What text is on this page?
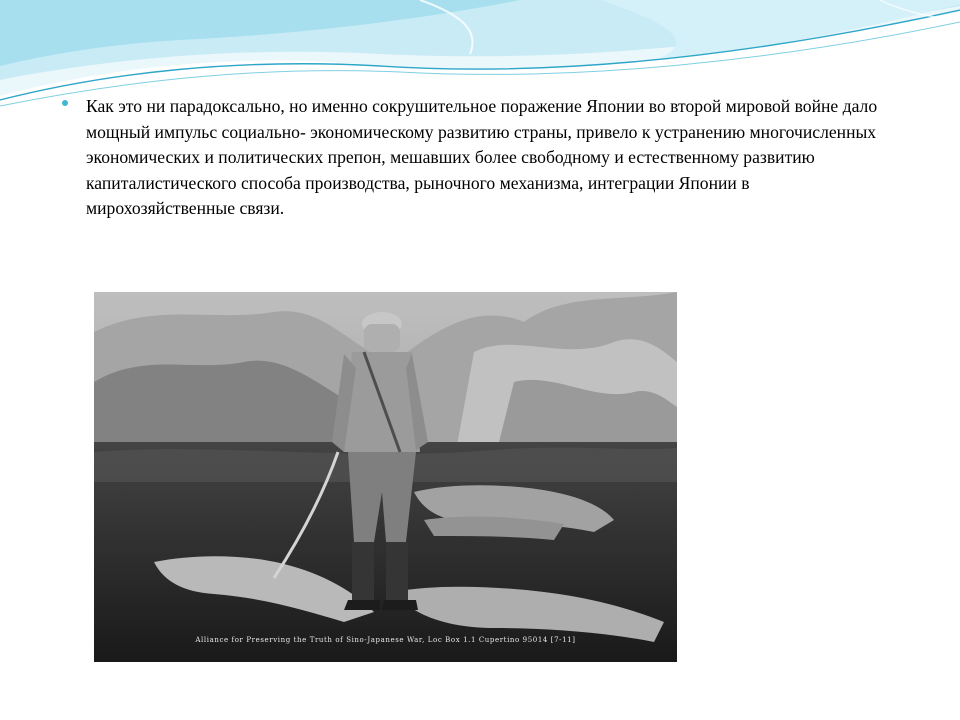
Как это ни парадоксально, но именно сокрушительное поражение Японии во второй мировой войне дало мощный импульс социально- экономическому развитию страны, привело к устранению многочисленных экономических и политических препон, мешавших более свободному и естественному развитию капиталистического способа производства, рыночного механизма, интеграции Японии в мирохозяйственные связи.
Alliance for Preserving the Truth of Sino-Japanese War, Loc Box 1.1 Cupertino 95014 [7-11]
